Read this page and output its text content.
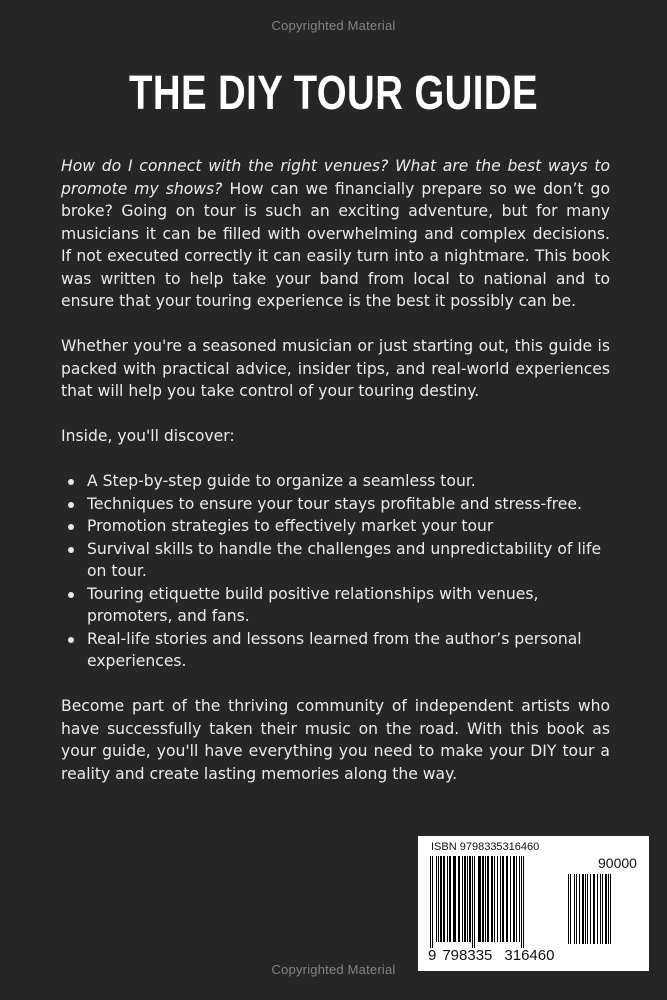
Copyrighted Material
THE DIY TOUR GUIDE

How do I connect with the right venues? What are the best ways to promote my shows? How can we financially prepare so we don’t go broke? Going on tour is such an exciting adventure, but for many musicians it can be filled with overwhelming and complex decisions. If not executed correctly it can easily turn into a nightmare. This book was written to help take your band from local to national and to ensure that your touring experience is the best it possibly can be.

Whether you're a seasoned musician or just starting out, this guide is packed with practical advice, insider tips, and real-world experiences that will help you take control of your touring destiny.

Inside, you'll discover:

A Step-by-step guide to organize a seamless tour.
Techniques to ensure your tour stays profitable and stress-free.
Promotion strategies to effectively market your tour
Survival skills to handle the challenges and unpredictability of life on tour.
Touring etiquette build positive relationships with venues, promoters, and fans.
Real-life stories and lessons learned from the author’s personal experiences.

Become part of the thriving community of independent artists who have successfully taken their music on the road. With this book as your guide, you'll have everything you need to make your DIY tour a reality and create lasting memories along the way.

ISBN 9798335316460
90000
9 798335 316460
Copyrighted Material
